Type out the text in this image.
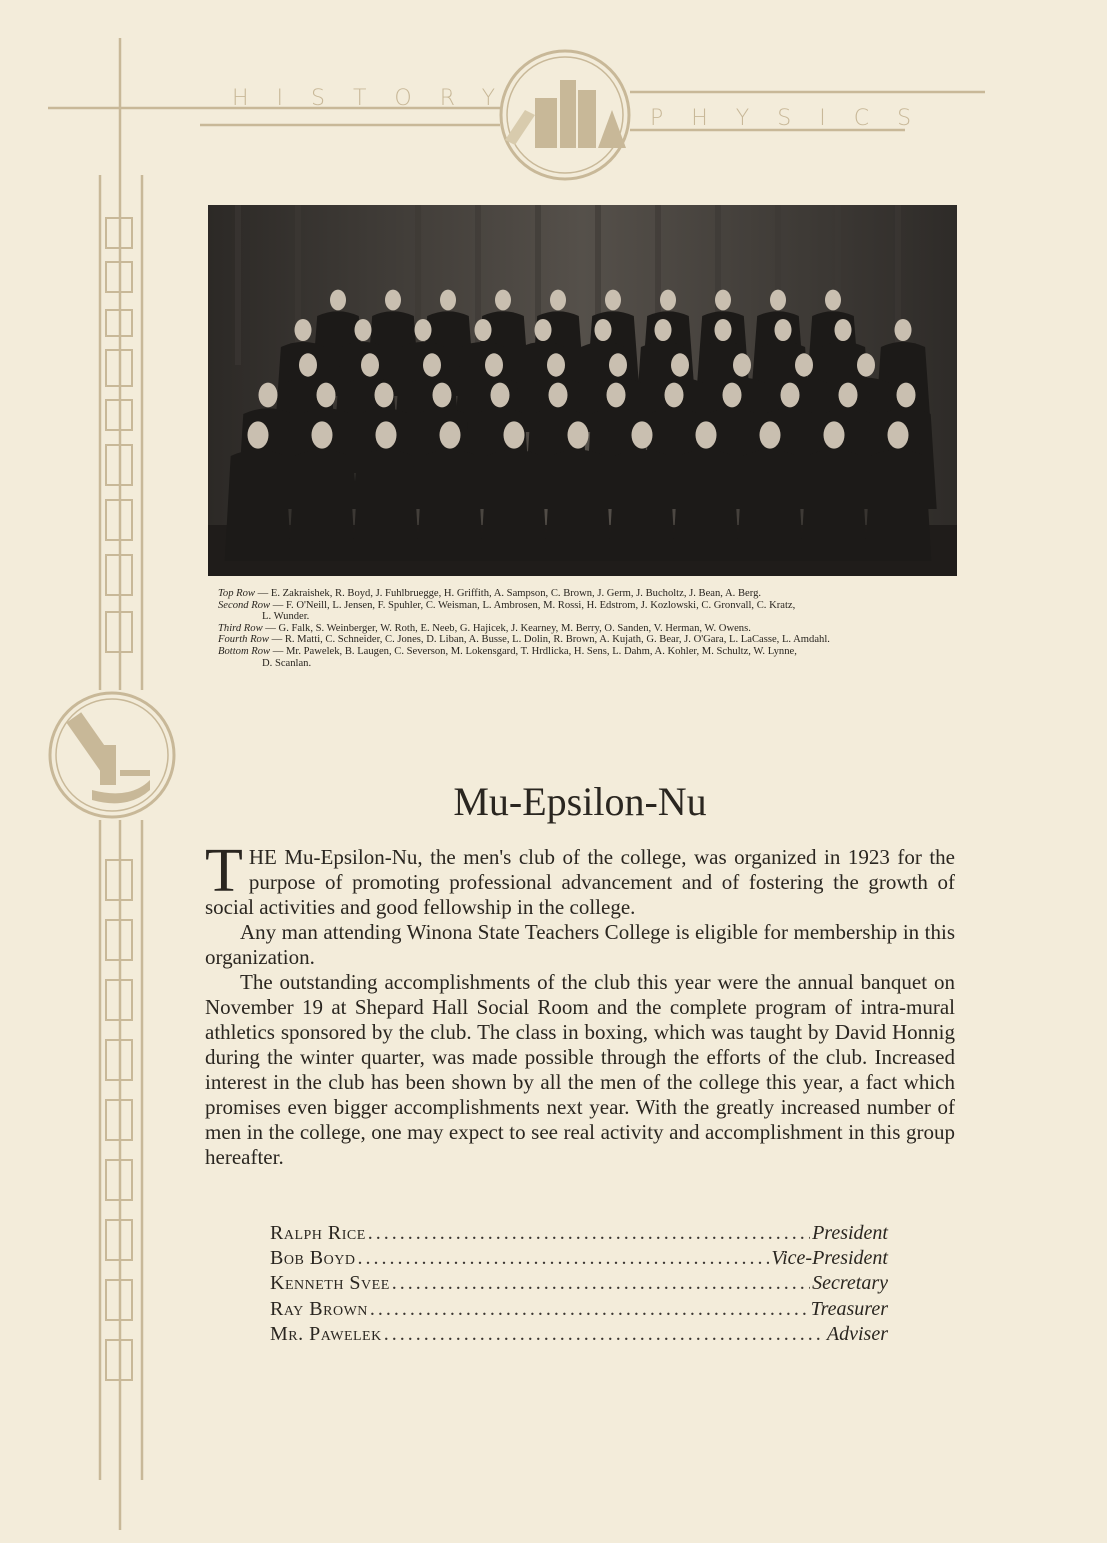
HISTORY
PHYSICS
Top Row — E. Zakraishek, R. Boyd, J. Fuhlbruegge, H. Griffith, A. Sampson, C. Brown, J. Germ, J. Bucholtz, J. Bean, A. Berg.
Second Row — F. O'Neill, L. Jensen, F. Spuhler, C. Weisman, L. Ambrosen, M. Rossi, H. Edstrom, J. Kozlowski, C. Gronvall, C. Kratz,
L. Wunder.
Third Row — G. Falk, S. Weinberger, W. Roth, E. Neeb, G. Hajicek, J. Kearney, M. Berry, O. Sanden, V. Herman, W. Owens.
Fourth Row — R. Matti, C. Schneider, C. Jones, D. Liban, A. Busse, L. Dolin, R. Brown, A. Kujath, G. Bear, J. O'Gara, L. LaCasse, L. Amdahl.
Bottom Row — Mr. Pawelek, B. Laugen, C. Severson, M. Lokensgard, T. Hrdlicka, H. Sens, L. Dahm, A. Kohler, M. Schultz, W. Lynne,
D. Scanlan.
Mu-Epsilon-Nu

THE Mu-Epsilon-Nu, the men's club of the college, was organized in 1923 for the purpose of promoting professional advancement and of fostering the growth of social activities and good fellowship in the college.

Any man attending Winona State Teachers College is eligible for membership in this organization.

The outstanding accomplishments of the club this year were the annual banquet on November 19 at Shepard Hall Social Room and the complete program of intra-mural athletics sponsored by the club. The class in boxing, which was taught by David Honnig during the winter quarter, was made possible through the efforts of the club. Increased interest in the club has been shown by all the men of the college this year, a fact which promises even bigger accomplishments next year. With the greatly increased number of men in the college, one may expect to see real activity and accomplishment in this group hereafter.

Ralph Rice .....	President
Bob Boyd .....	Vice-President
Kenneth Svee .....	Secretary
Ray Brown .....	Treasurer
Mr. Pawelek .....	Adviser
